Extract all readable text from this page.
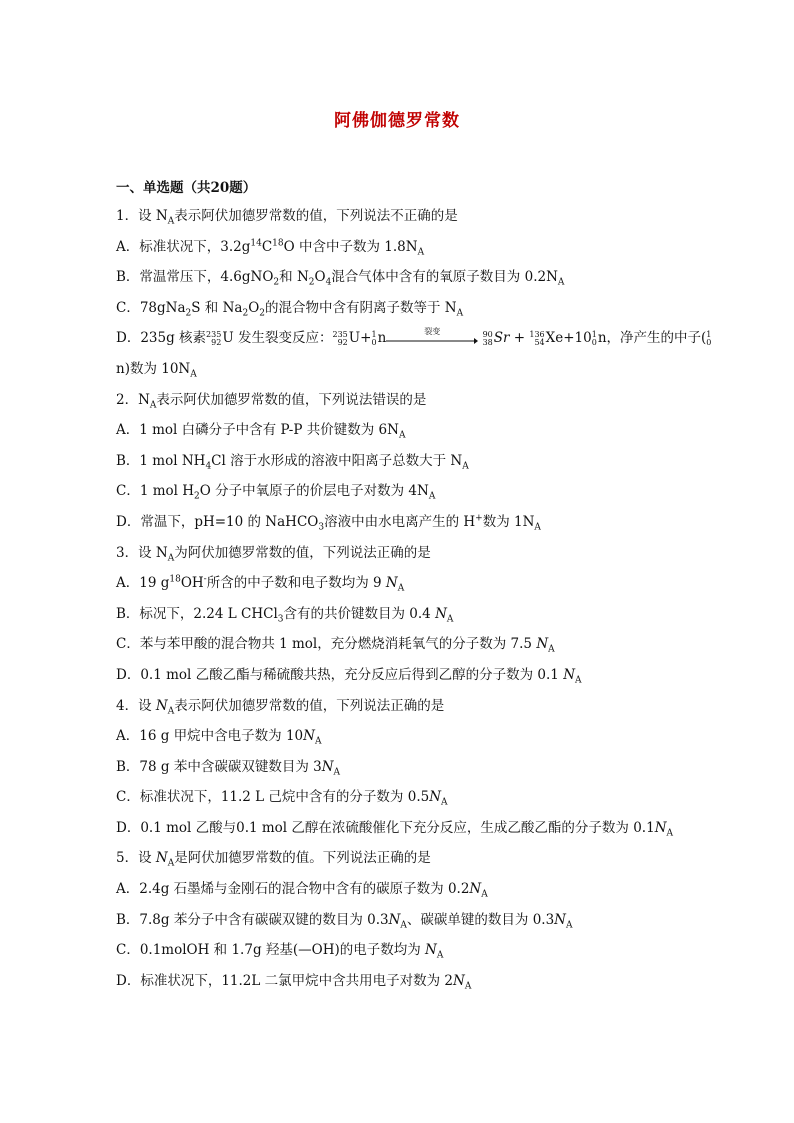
阿佛伽德罗常数
一、单选题（共20题）
1．设 $N_A$表示阿伏加德罗常数的值，下列说法不正确的是
A．标准状况下，$3.2g^{14}C^{18}O$ 中含中子数为 $1.8N_A$
B．常温常压下，4.6gNO$_2$和 $N_2O_4$混合气体中含有的氧原子数目为 $0.2N_A$
C．78gNa$_2$S 和 $Na_2O_2$的混合物中含有阴离子数等于 $N_A$
D．235g 核素 235
92 U 发生裂变反应： 235
92 U+ 1
0 n	裂变
	90
38 Sr + 136
54 Xe+10 1
0 n，净产生的中子( 1
0
n)数为 $10N_A$
2．$N_A$表示阿伏加德罗常数的值，下列说法错误的是
A．1 mol 白磷分子中含有 P-P 共价键数为 $6N_A$
B．1 mol $NH_4Cl$ 溶于水形成的溶液中阳离子总数大于 $N_A$
C．1 mol $H_2O$ 分子中氧原子的价层电子对数为 $4N_A$
D．常温下，pH=10 的 NaHCO$_3$溶液中由水电离产生的 H+数为 $1N_A$
3．设 $N_A$为阿伏加德罗常数的值，下列说法正确的是
A．19 $g^{18}OH^-$所含的中子数和电子数均为 9 $N_A$
B．标况下，2.24 L CHCl$_3$含有的共价键数目为 0.4 $N_A$
C．苯与苯甲酸的混合物共 1 mol，充分燃烧消耗氧气的分子数为 7.5 $N_A$
D．0.1 mol 乙酸乙酯与稀硫酸共热，充分反应后得到乙醇的分子数为 0.1 $N_A$
4．设 $N_A$表示阿伏加德罗常数的值，下列说法正确的是
A．16 g 甲烷中含电子数为 $10N_A$
B．78 g 苯中含碳碳双键数目为 $3N_A$
C．标准状况下，11.2 L 己烷中含有的分子数为 $0.5N_A$
D．0.1 mol 乙酸与0.1 mol 乙醇在浓硫酸催化下充分反应，生成乙酸乙酯的分子数为 $0.1N_A$
5．设 $N_A$是阿伏加德罗常数的值。下列说法正确的是
A．2.4g 石墨烯与金刚石的混合物中含有的碳原子数为 $0.2N_A$
B．7.8g 苯分子中含有碳碳双键的数目为 $0.3N_A$、碳碳单键的数目为 $0.3N_A$
C．0.1molOH 和 1.7g 羟基(—OH)的电子数均为 $N_A$
D．标准状况下，11.2L 二氯甲烷中含共用电子对数为 $2N_A$
